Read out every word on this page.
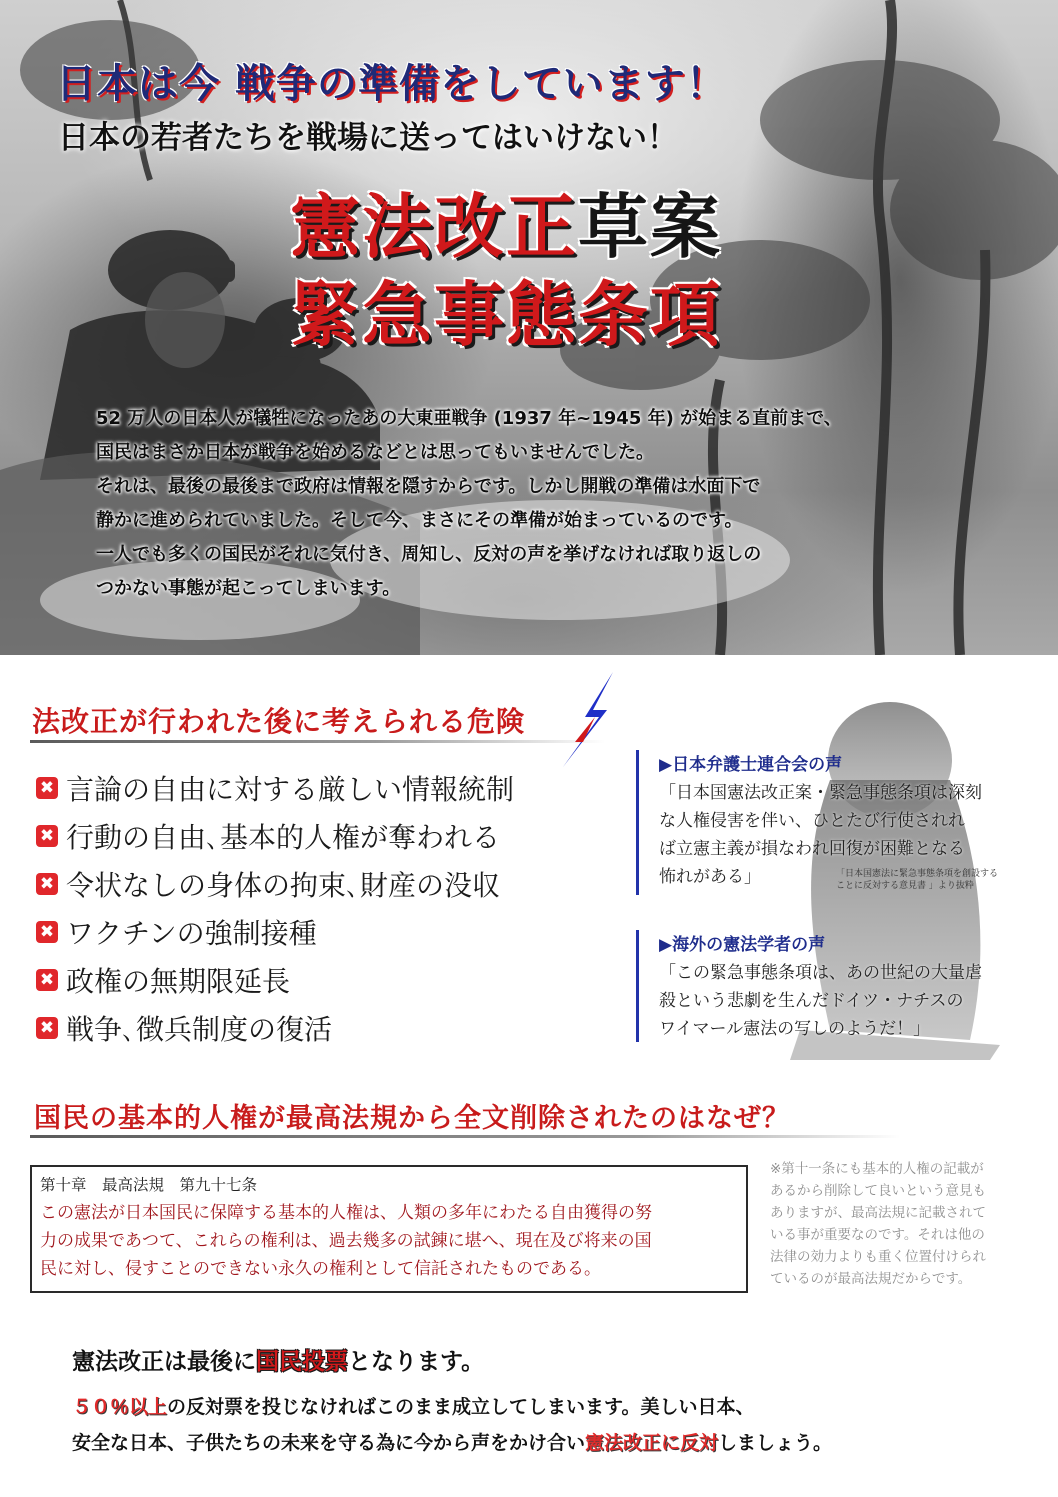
日本は今 戦争の準備をしています！
日本の若者たちを戦場に送ってはいけない！
憲法改正草案
緊急事態条項

52 万人の日本人が犠牲になったあの大東亜戦争 (1937 年~1945 年) が始まる直前まで、

国民はまさか日本が戦争を始めるなどとは思ってもいませんでした。

それは、最後の最後まで政府は情報を隠すからです。しかし開戦の準備は水面下で

静かに進められていました。そして今、まさにその準備が始まっているのです。

一人でも多くの国民がそれに気付き、周知し、反対の声を挙げなければ取り返しの

つかない事態が起こってしまいます。

法改正が行われた後に考えられる危険
✖ 言論の自由に対する厳しい情報統制
✖ 行動の自由､基本的人権が奪われる
✖ 令状なしの身体の拘束､財産の没収
✖ ワクチンの強制接種
✖ 政権の無期限延長
✖ 戦争､徴兵制度の復活
▶日本弁護士連合会の声
「日本国憲法改正案・緊急事態条項は深刻
な人権侵害を伴い、ひとたび行使されれ
ば立憲主義が損なわれ回復が困難となる
怖れがある」	「日本国憲法に緊急事態条項を創設する
ことに反対する意見書 」より抜粋
▶海外の憲法学者の声
「この緊急事態条項は、あの世紀の大量虐
殺という悲劇を生んだドイツ・ナチスの
ワイマール憲法の写しのようだ！」
国民の基本的人権が最高法規から全文削除されたのはなぜ？
第十章　最高法規　第九十七条
この憲法が日本国民に保障する基本的人権は、人類の多年にわたる自由獲得の努
力の成果であつて、これらの権利は、過去幾多の試錬に堪へ、現在及び将来の国
民に対し、侵すことのできない永久の権利として信託されたものである。
※第十一条にも基本的人権の記載が
あるから削除して良いという意見も
ありますが、最高法規に記載されて
いる事が重要なのです。それは他の
法律の効力よりも重く位置付けられ
ているのが最高法規だからです。
憲法改正は最後に国民投票となります。
５０％以上の反対票を投じなければこのまま成立してしまいます。美しい日本、
安全な日本、子供たちの未来を守る為に今から声をかけ合い憲法改正に反対しましょう。
